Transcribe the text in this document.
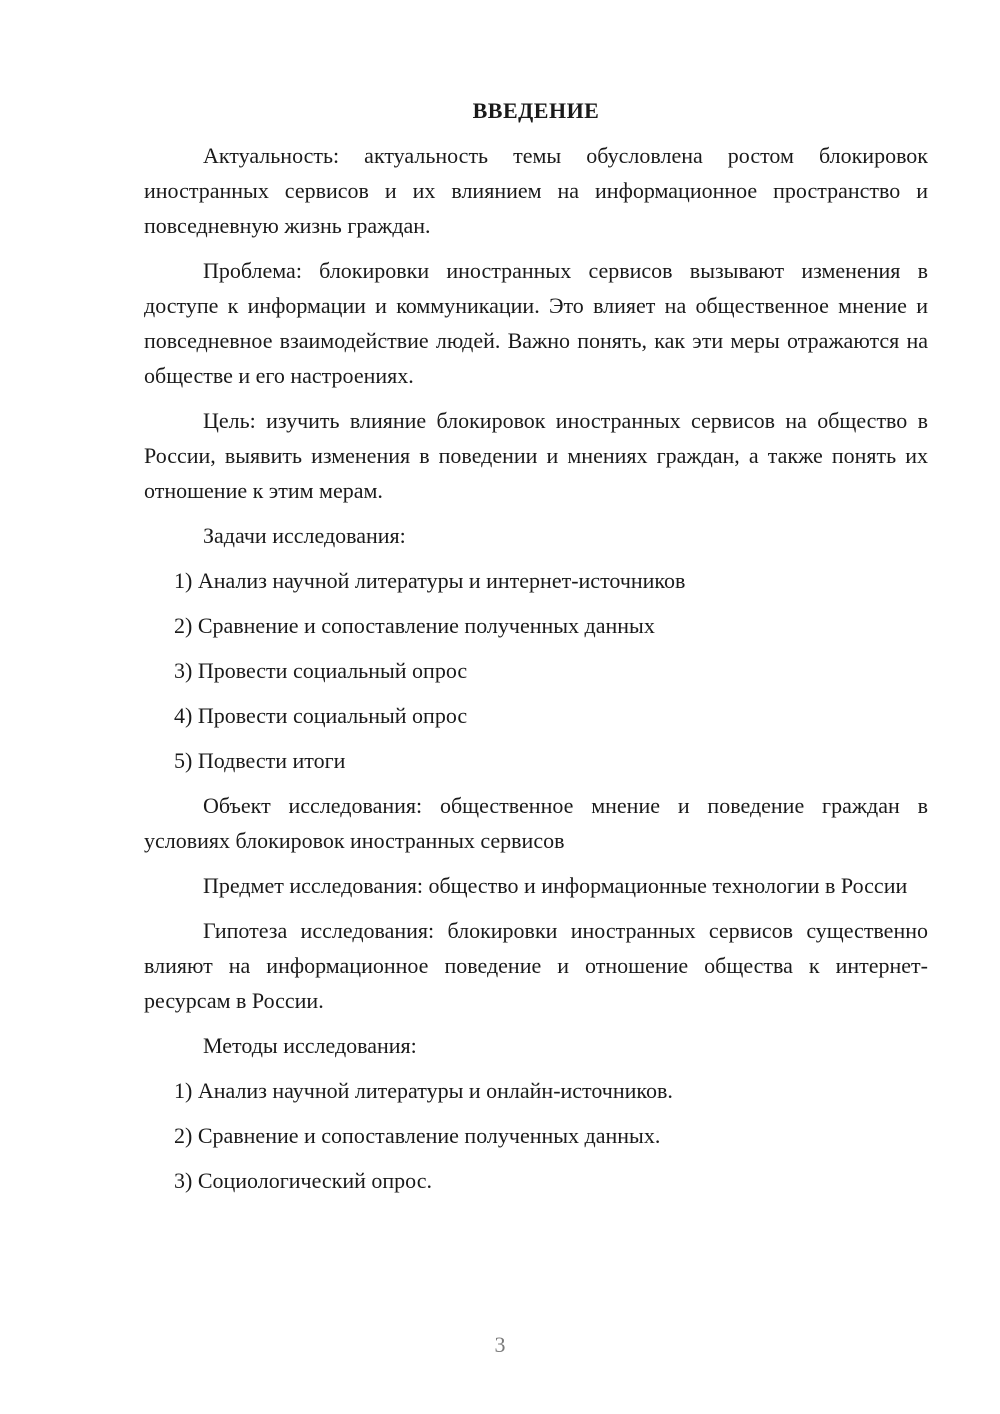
ВВЕДЕНИЕ

Актуальность: актуальность темы обусловлена ростом блокировок иностранных сервисов и их влиянием на информационное пространство и повседневную жизнь граждан.

Проблема: блокировки иностранных сервисов вызывают изменения в доступе к информации и коммуникации. Это влияет на общественное мнение и повседневное взаимодействие людей. Важно понять, как эти меры отражаются на обществе и его настроениях.

Цель: изучить влияние блокировок иностранных сервисов на общество в России, выявить изменения в поведении и мнениях граждан, а также понять их отношение к этим мерам.

Задачи исследования:

1) Анализ научной литературы и интернет-источников

2) Сравнение и сопоставление полученных данных

3) Провести социальный опрос

4) Провести социальный опрос

5) Подвести итоги

Объект исследования: общественное мнение и поведение граждан в условиях блокировок иностранных сервисов

Предмет исследования: общество и информационные технологии в России

Гипотеза исследования: блокировки иностранных сервисов существенно влияют на информационное поведение и отношение общества к интернет-ресурсам в России.

Методы исследования:

1) Анализ научной литературы и онлайн-источников.

2) Сравнение и сопоставление полученных данных.

3) Социологический опрос.

3
